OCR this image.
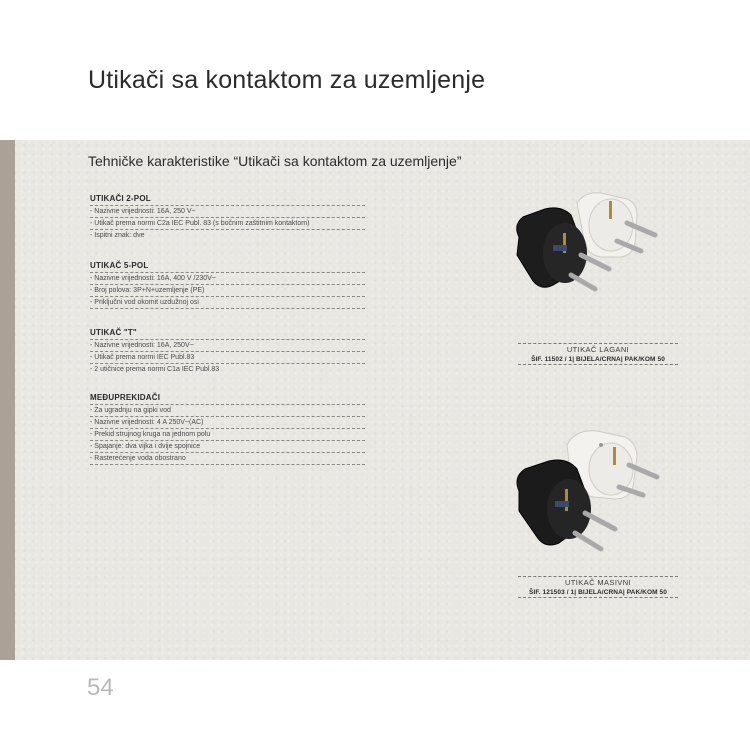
Utikači sa kontaktom za uzemljenje
Tehničke karakteristike “Utikači sa kontaktom za uzemljenje”
UTIKAČI 2-POL
- Nazivne vrijednosti: 16A, 250 V~
- Utikač prema normi C2a IEC Publ. 83 (s bočnim zaštitnim kontaktom)
- Ispitni znak: dve
UTIKAČ 5-POL
- Nazivne vrijednosti: 16A, 400 V /230V~
- Broj polova: 3P+N+uzemljenje (PE)
- Priključni vod okomit uzdužnoj osi
UTIKAČ "T"
- Nazivne vrijednosti: 16A, 250V~
- Utikač prema normi IEC Publ.83
- 2 utičnice prema normi C1a IEC Publ.83
MEĐUPREKIDAČI
- Za ugradnju na gipki vod
- Nazivne vrijednosti: 4 A 250V~(AC)
- Prekid strujnog kruga na jednom polu
- Spajanje: dva vijka i dvije spojnice
- Rasterećenje voda obostrano
UTIKAČ LAGANI
ŠIF. 11502 / 1| BIJELA/CRNA| PAK/KOM 50
UTIKAČ MASIVNI
ŠIF. 121503 / 1| BIJELA/CRNA| PAK/KOM 50
54
